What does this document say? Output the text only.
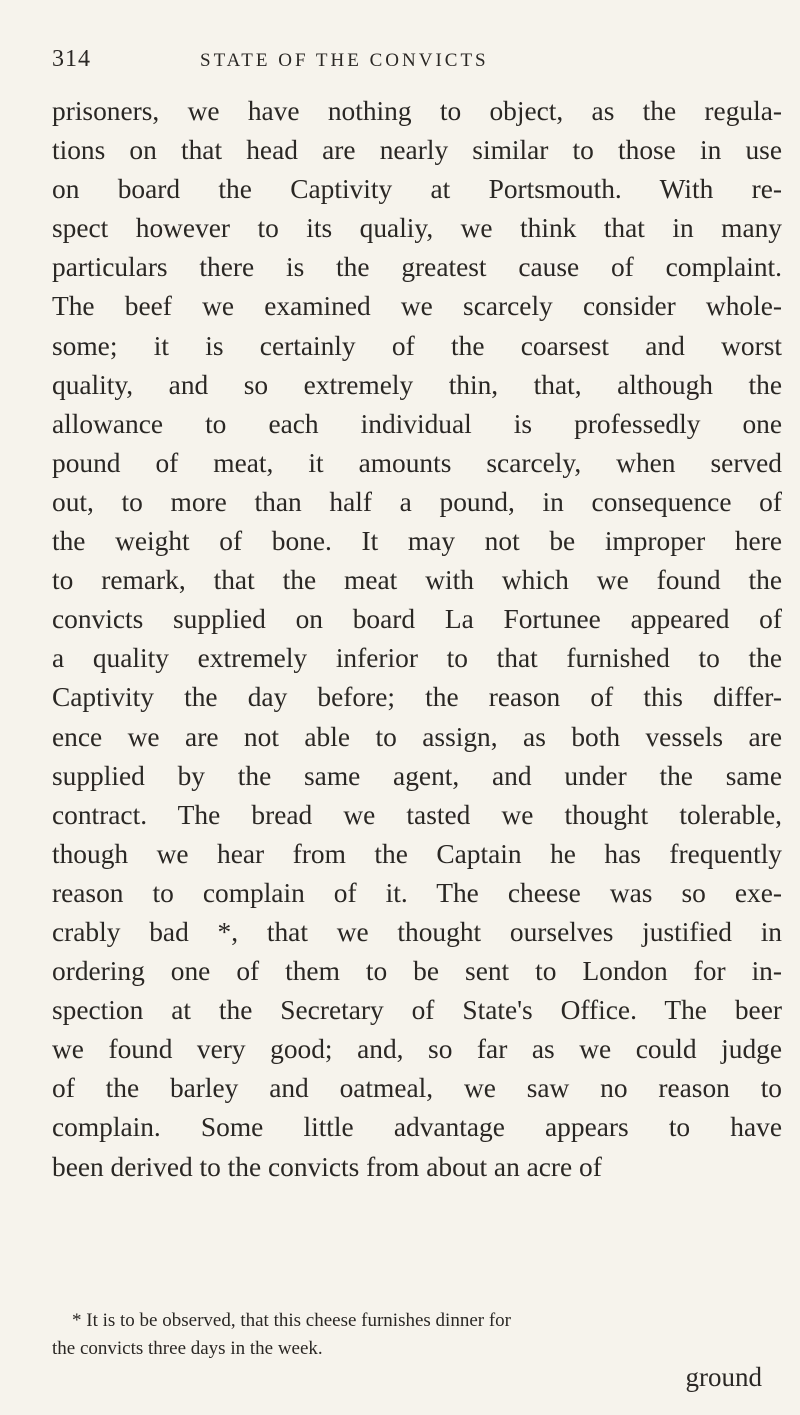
314	STATE OF THE CONVICTS
prisoners, we have nothing to object, as the regula-
tions on that head are nearly similar to those in use
on board the Captivity at Portsmouth. With re-
spect however to its qualiy, we think that in many
particulars there is the greatest cause of complaint.
The beef we examined we scarcely consider whole-
some; it is certainly of the coarsest and worst
quality, and so extremely thin, that, although the
allowance to each individual is professedly one
pound of meat, it amounts scarcely, when served
out, to more than half a pound, in consequence of
the weight of bone. It may not be improper here
to remark, that the meat with which we found the
convicts supplied on board La Fortunee appeared of
a quality extremely inferior to that furnished to the
Captivity the day before; the reason of this differ-
ence we are not able to assign, as both vessels are
supplied by the same agent, and under the same
contract. The bread we tasted we thought tolerable,
though we hear from the Captain he has frequently
reason to complain of it. The cheese was so exe-
crably bad *, that we thought ourselves justified in
ordering one of them to be sent to London for in-
spection at the Secretary of State's Office. The beer
we found very good; and, so far as we could judge
of the barley and oatmeal, we saw no reason to
complain. Some little advantage appears to have
been derived to the convicts from about an acre of
* It is to be observed, that this cheese furnishes dinner for
the convicts three days in the week.
ground
